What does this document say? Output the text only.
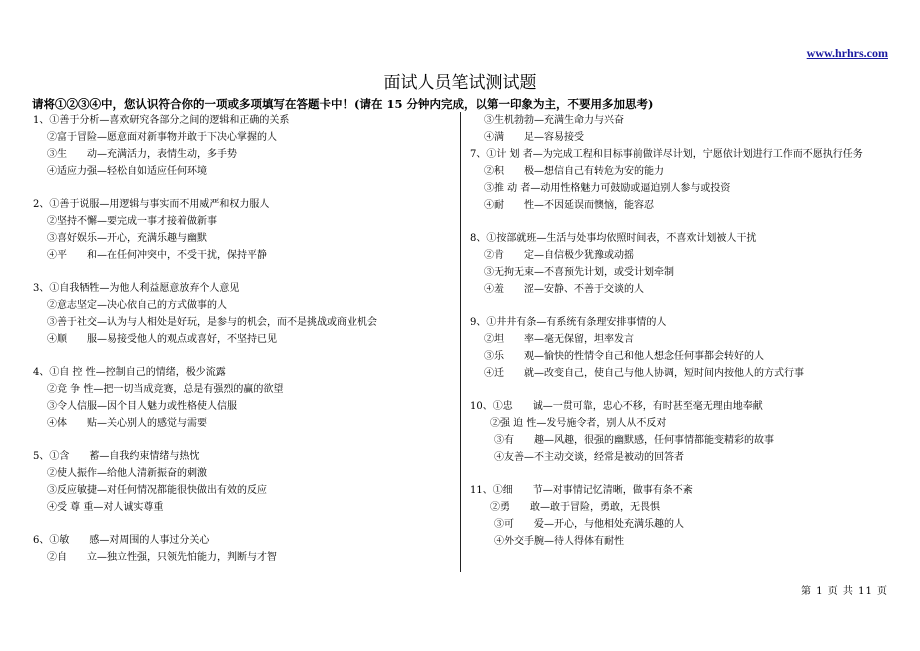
www.hrhrs.com
面试人员笔试测试题
请将①②③④中，您认识符合你的一项或多项填写在答题卡中！(请在 15 分钟内完成，以第一印象为主，不要用多加思考)
1、①善于分析—喜欢研究各部分之间的逻辑和正确的关系
②富于冒险—愿意面对新事物并敢于下决心掌握的人
③生　　动—充满活力，表情生动，多手势
④适应力强—轻松自如适应任何环境
2、①善于说服—用逻辑与事实而不用威严和权力服人
②坚持不懈—要完成一事才接着做新事
③喜好娱乐—开心，充满乐趣与幽默
④平　　和—在任何冲突中，不受干扰，保持平静
3、①自我牺牲—为他人利益愿意放弃个人意见
②意志坚定—决心依自己的方式做事的人
③善于社交—认为与人相处是好玩，是参与的机会，而不是挑战或商业机会
④顺　　服—易接受他人的观点或喜好，不坚持已见
4、①自 控 性—控制自己的情绪，极少流露
②竞 争 性—把一切当成竞赛，总是有强烈的赢的欲望
③令人信服—因个目人魅力或性格使人信服
④体　　贴—关心别人的感觉与需要
5、①含　　蓄—自我约束情绪与热忱
②使人振作—给他人清新振奋的刺激
③反应敏捷—对任何情况都能很快做出有效的反应
④受 尊 重—对人诚实尊重
6、①敏　　感—对周围的人事过分关心
②自　　立—独立性强，只领先怕能力，判断与才智
③生机勃勃—充满生命力与兴奋
④满　　足—容易接受
7、①计 划 者—为完成工程和目标事前做详尽计划，宁愿依计划进行工作而不愿执行任务
②积　　极—想信自己有转危为安的能力
③推 动 者—动用性格魅力可鼓励或逼迫别人参与或投资
④耐　　性—不因延误而懊恼，能容忍
8、①按部就班—生活与处事均依照时间表，不喜欢计划被人干扰
②肯　　定—自信极少犹豫或动摇
③无拘无束—不喜预先计划，或受计划牵制
④羞　　涩—安静、不善于交谈的人
9、①井井有条—有系统有条理安排事情的人
②坦　　率—毫无保留，坦率发言
③乐　　观—愉快的性情令自己和他人想念任何事都会转好的人
④迁　　就—改变自己，使自己与他人协调，短时间内按他人的方式行事
10、①忠　　诚—一贯可靠，忠心不移，有时甚至毫无理由地奉献
②强 迫 性—发号施令者，别人从不反对
③有　　趣—风趣，很强的幽默感，任何事情都能变精彩的故事
④友善—不主动交谈，经常是被动的回答者
11、①细　　节—对事情记忆清晰，做事有条不紊
②勇　　敢—敢于冒险，勇敢，无畏惧
③可　　爱—开心，与他相处充满乐趣的人
④外交手腕—待人得体有耐性
第 1 页 共 11 页
